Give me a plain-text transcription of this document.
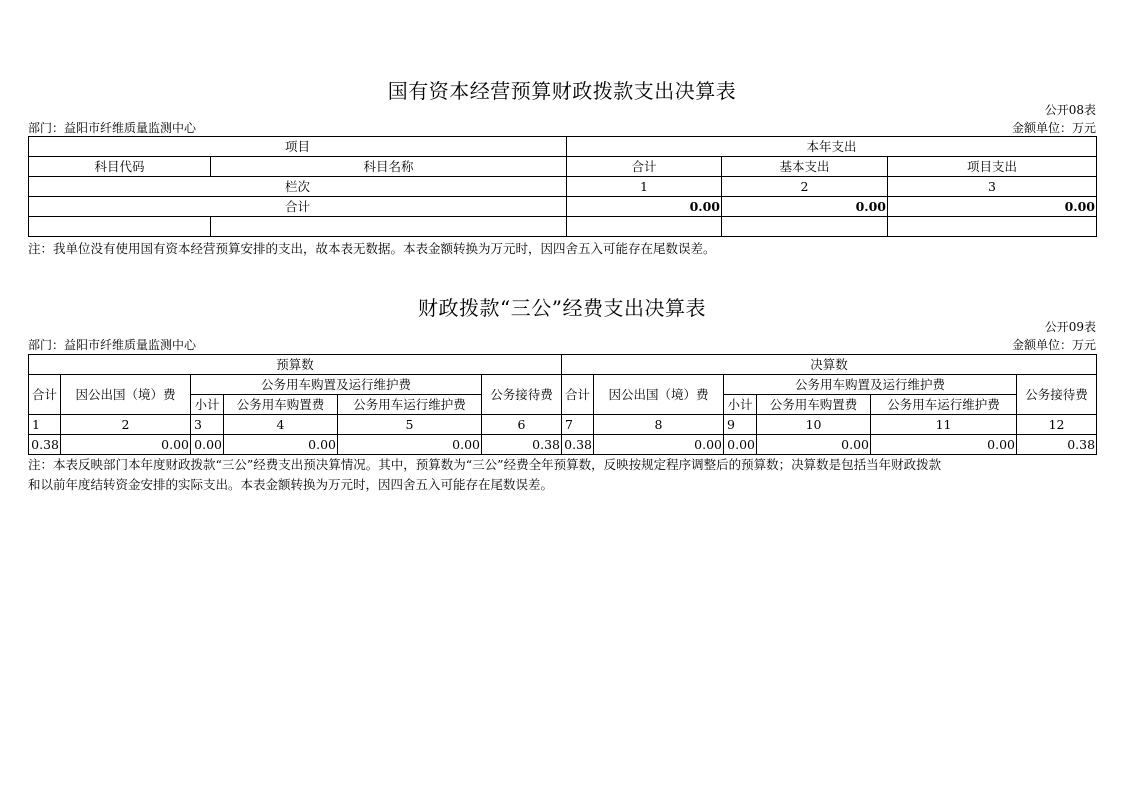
国有资本经营预算财政拨款支出决算表
公开08表
部门：益阳市纤维质量监测中心	金额单位：万元
项目		本年支出		
科目代码	科目名称	合计	基本支出	项目支出
栏次		1	2	3
合计		0.00	0.00	0.00

注：我单位没有使用国有资本经营预算安排的支出，故本表无数据。本表金额转换为万元时，因四舍五入可能存在尾数误差。
财政拨款“三公”经费支出决算表
公开09表
部门：益阳市纤维质量监测中心	金额单位：万元
预算数						决算数					
合计	因公出国（境）费	公务用车购置及运行维护费			公务接待费	合计	因公出国（境）费	公务用车购置及运行维护费			公务接待费
		小计	公务用车购置费	公务用车运行维护费				小计	公务用车购置费	公务用车运行维护费	
1	2	3	4	5	6	7	8	9	10	11	12
0.38	0.00	0.00	0.00	0.00	0.38	0.38	0.00	0.00	0.00	0.00	0.38
注：本表反映部门本年度财政拨款“三公”经费支出预决算情况。其中，预算数为“三公”经费全年预算数，反映按规定程序调整后的预算数；决算数是包括当年财政拨款
和以前年度结转资金安排的实际支出。本表金额转换为万元时，因四舍五入可能存在尾数误差。
